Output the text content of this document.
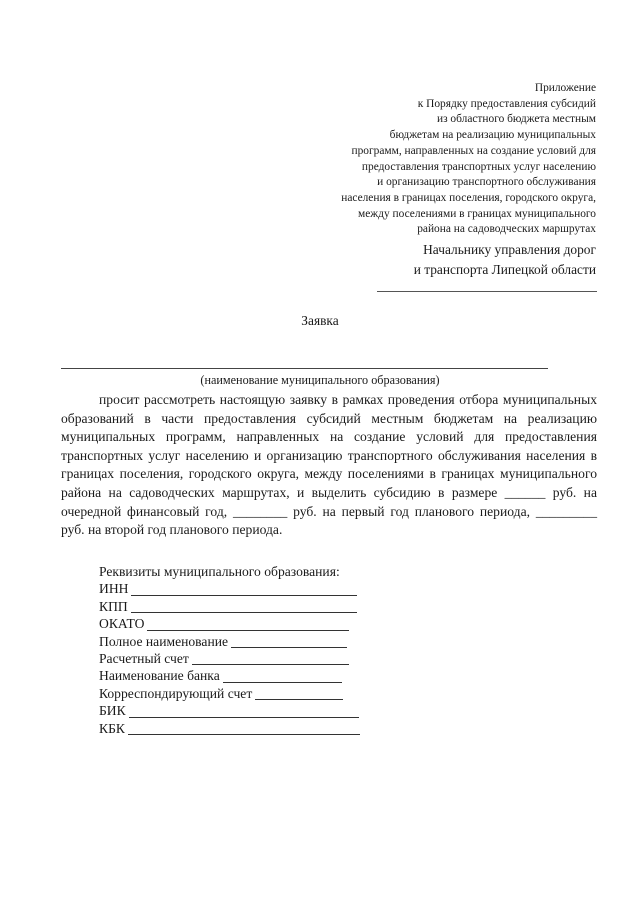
Приложение
к Порядку предоставления субсидий
из областного бюджета местным
бюджетам на реализацию муниципальных
программ, направленных на создание условий для
предоставления транспортных услуг населению
и организацию транспортного обслуживания
населения в границах поселения, городского округа,
между поселениями в границах муниципального
района на садоводческих маршрутах
Начальнику управления дорог
и транспорта Липецкой области
Заявка
(наименование муниципального образования)

просит рассмотреть настоящую заявку в рамках проведения отбора муниципальных образований в части предоставления субсидий местным бюджетам на реализацию муниципальных программ, направленных на создание условий для предоставления транспортных услуг населению и организацию транспортного обслуживания населения в границах поселения, городского округа, между поселениями в границах муниципального района на садоводческих маршрутах, и выделить субсидию в размере ______ руб. на очередной финансовый год, ________ руб. на первый год планового периода, _________ руб. на второй год планового периода.

Реквизиты муниципального образования:
ИНН
КПП
ОКАТО
Полное наименование
Расчетный счет
Наименование банка
Корреспондирующий счет
БИК
КБК
